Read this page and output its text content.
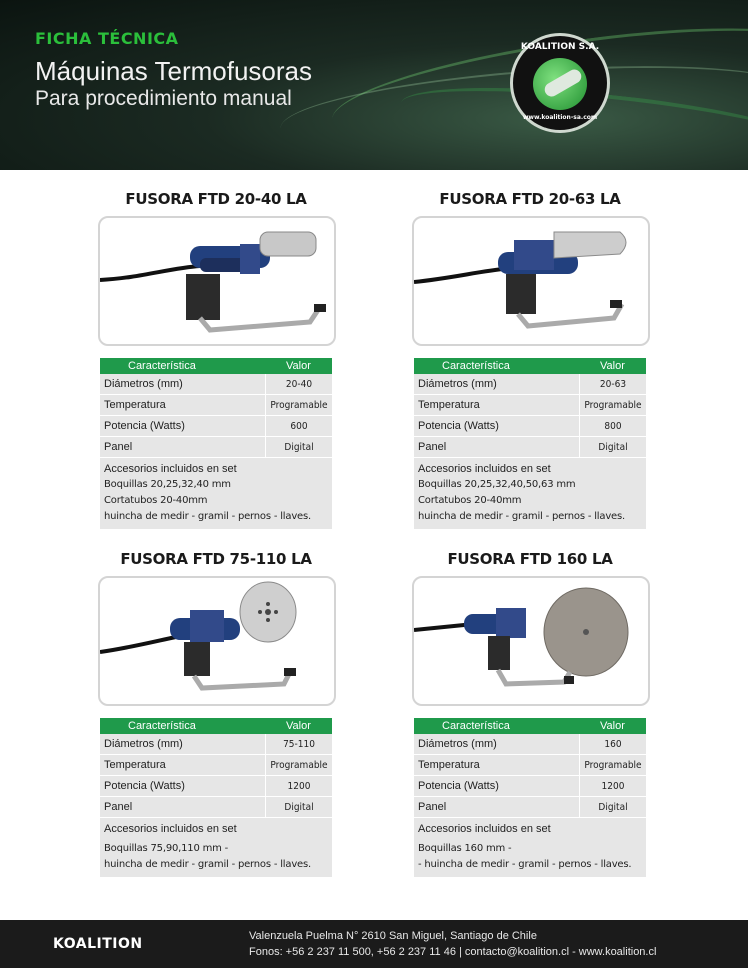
FICHA TÉCNICA
Máquinas Termofusoras
Para procedimiento manual
KOALITION S.A.
www.koalition-sa.com
FUSORA FTD 20-40 LA
Característica	Valor
Diámetros (mm)	20-40
Temperatura	Programable
Potencia (Watts)	600
Panel	Digital
Accesorios incluidos en set
Boquillas 20,25,32,40 mm
Cortatubos 20-40mm
huincha de medir - gramil - pernos - llaves.
FUSORA FTD 20-63 LA
Característica	Valor
Diámetros (mm)	20-63
Temperatura	Programable
Potencia (Watts)	800
Panel	Digital
Accesorios incluidos en set
Boquillas 20,25,32,40,50,63 mm
Cortatubos 20-40mm
huincha de medir - gramil - pernos - llaves.
FUSORA FTD 75-110 LA
Característica	Valor
Diámetros (mm)	75-110
Temperatura	Programable
Potencia (Watts)	1200
Panel	Digital
Accesorios incluidos en set
Boquillas 75,90,110 mm -
huincha de medir - gramil - pernos - llaves.
FUSORA FTD 160 LA
Característica	Valor
Diámetros (mm)	160
Temperatura	Programable
Potencia (Watts)	1200
Panel	Digital
Accesorios incluidos en set
Boquillas 160 mm -
- huincha de medir - gramil - pernos - llaves.
KOALITION	Valenzuela Puelma N° 2610 San Miguel, Santiago de Chile
Fonos: +56 2 237 11 500, +56 2 237 11 46 | contacto@koalition.cl - www.koalition.cl
